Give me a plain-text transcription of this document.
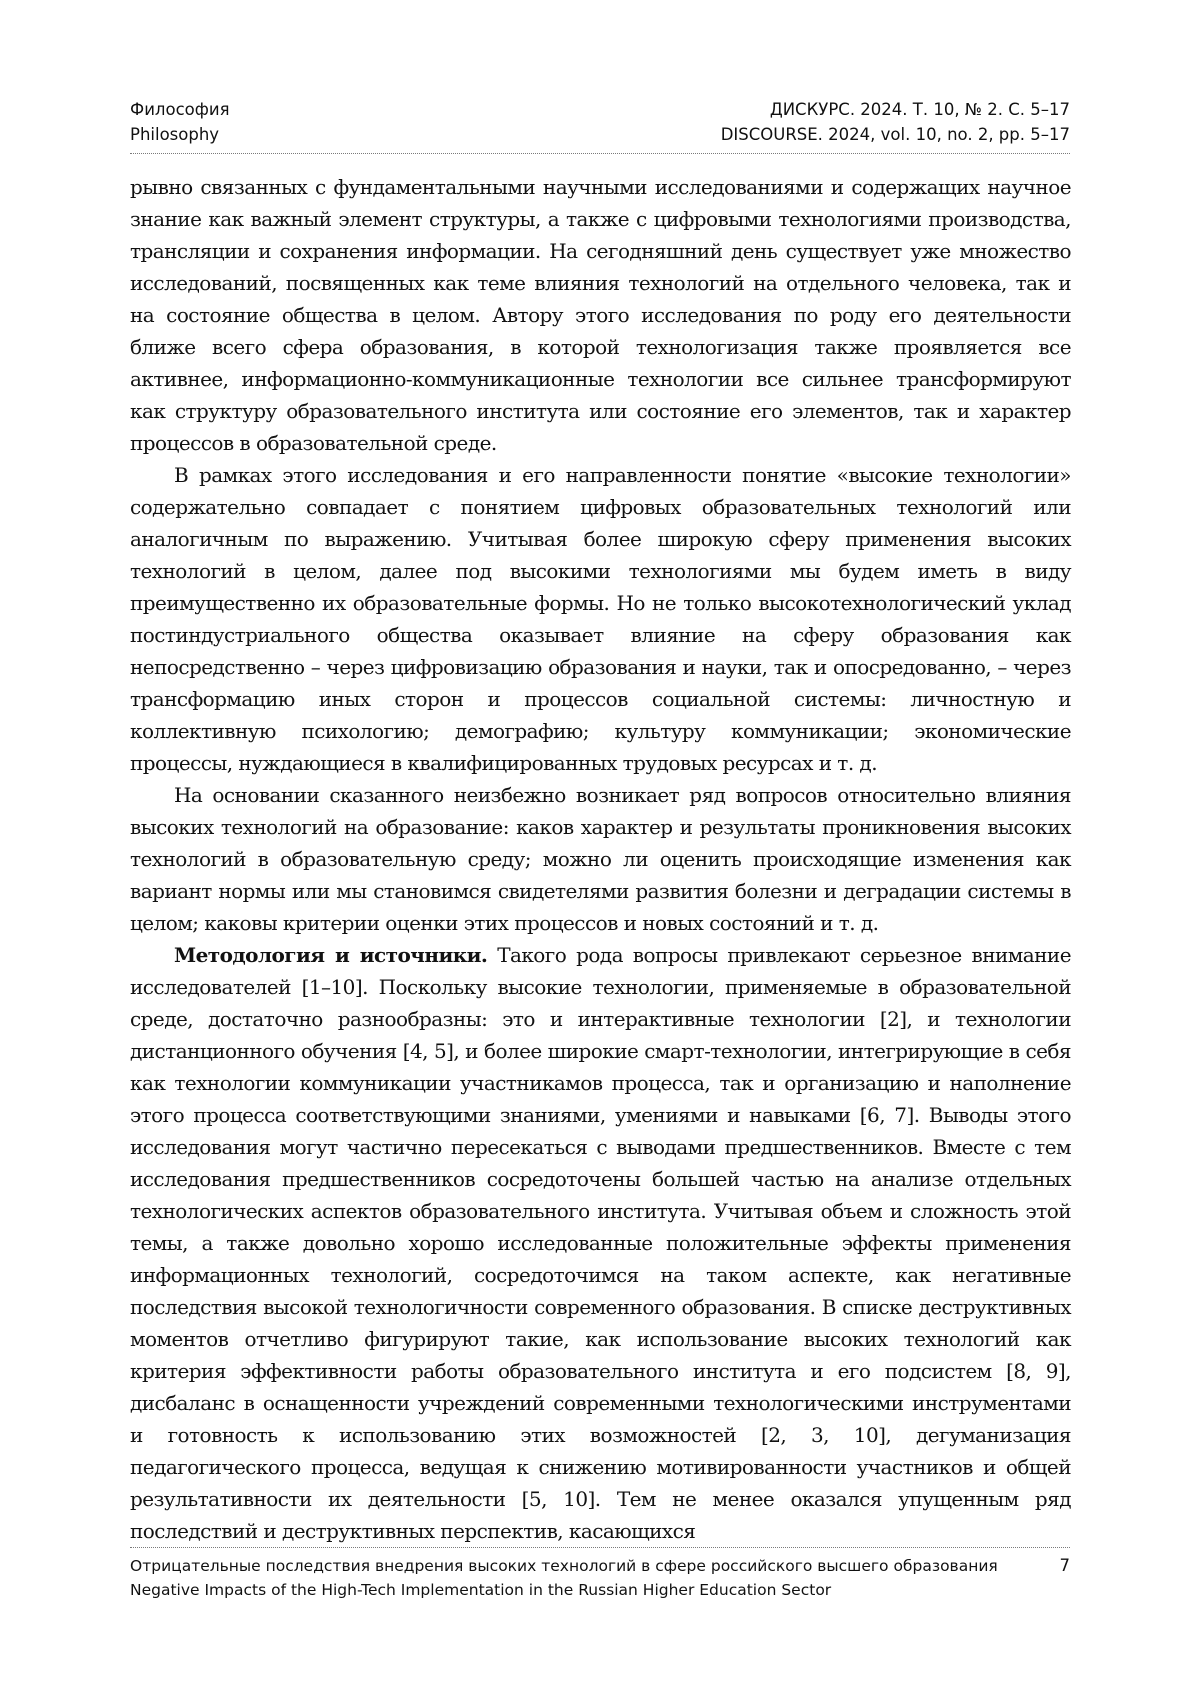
Философия
Philosophy
ДИСКУРС. 2024. Т. 10, № 2. С. 5–17
DISCOURSE. 2024, vol. 10, no. 2, pp. 5–17

рывно связанных с фундаментальными научными исследованиями и содержащих научное знание как важный элемент структуры, а также с цифровыми технологиями производства, трансляции и сохранения информации. На сегодняшний день существует уже множество исследований, посвященных как теме влияния технологий на отдельного человека, так и на состояние общества в целом. Автору этого исследования по роду его деятельности ближе всего сфера образования, в которой технологизация также проявляется все активнее, информационно-коммуникационные технологии все сильнее трансформируют как структуру образовательного института или состояние его элементов, так и характер процессов в образовательной среде.

В рамках этого исследования и его направленности понятие «высокие технологии» содержательно совпадает с понятием цифровых образовательных технологий или аналогичным по выражению. Учитывая более широкую сферу применения высоких технологий в целом, далее под высокими технологиями мы будем иметь в виду преимущественно их образовательные формы. Но не только высокотехнологический уклад постиндустриального общества оказывает влияние на сферу образования как непосредственно – через цифровизацию образования и науки, так и опосредованно, – через трансформацию иных сторон и процессов социальной системы: личностную и коллективную психологию; демографию; культуру коммуникации; экономические процессы, нуждающиеся в квалифицированных трудовых ресурсах и т. д.

На основании сказанного неизбежно возникает ряд вопросов относительно влияния высоких технологий на образование: каков характер и результаты проникновения высоких технологий в образовательную среду; можно ли оценить происходящие изменения как вариант нормы или мы становимся свидетелями развития болезни и деградации системы в целом; каковы критерии оценки этих процессов и новых состояний и т. д.

Методология и источники. Такого рода вопросы привлекают серьезное внимание исследователей [1–10]. Поскольку высокие технологии, применяемые в образовательной среде, достаточно разнообразны: это и интерактивные технологии [2], и технологии дистанционного обучения [4, 5], и более широкие смарт-технологии, интегрирующие в себя как технологии коммуникации участникамов процесса, так и организацию и наполнение этого процесса соответствующими знаниями, умениями и навыками [6, 7]. Выводы этого исследования могут частично пересекаться с выводами предшественников. Вместе с тем исследования предшественников сосредоточены большей частью на анализе отдельных технологических аспектов образовательного института. Учитывая объем и сложность этой темы, а также довольно хорошо исследованные положительные эффекты применения информационных технологий, сосредоточимся на таком аспекте, как негативные последствия высокой технологичности современного образования. В списке деструктивных моментов отчетливо фигурируют такие, как использование высоких технологий как критерия эффективности работы образовательного института и его подсистем [8, 9], дисбаланс в оснащенности учреждений современными технологическими инструментами и готовность к использованию этих возможностей [2, 3, 10], дегуманизация педагогического процесса, ведущая к снижению мотивированности участников и общей результативности их деятельности [5, 10]. Тем не менее оказался упущенным ряд последствий и деструктивных перспектив, касающихся

Отрицательные последствия внедрения высоких технологий в сфере российского высшего образования
Negative Impacts of the High-Tech Implementation in the Russian Higher Education Sector
7
